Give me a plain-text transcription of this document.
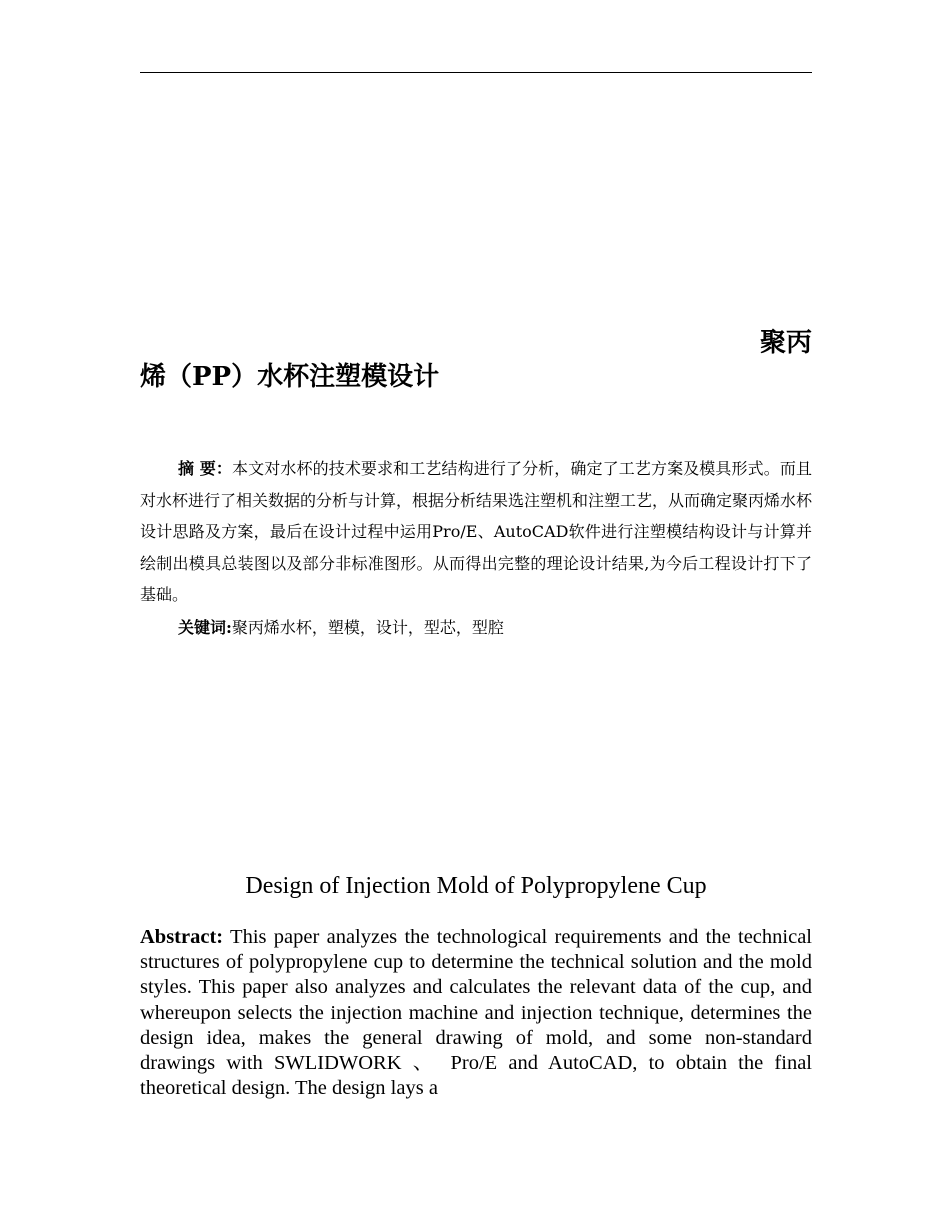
聚丙
烯（PP）水杯注塑模设计

摘 要：本文对水杯的技术要求和工艺结构进行了分析，确定了工艺方案及模具形式。而且对水杯进行了相关数据的分析与计算，根据分析结果选注塑机和注塑工艺，从而确定聚丙烯水杯设计思路及方案，最后在设计过程中运用Pro/E、AutoCAD软件进行注塑模结构设计与计算并绘制出模具总装图以及部分非标准图形。从而得出完整的理论设计结果,为今后工程设计打下了基础。

关键词:聚丙烯水杯，塑模，设计，型芯，型腔

Design of Injection Mold of Polypropylene Cup

Abstract: This paper analyzes the technological requirements and the technical structures of polypropylene cup to determine the technical solution and the mold styles. This paper also analyzes and calculates the relevant data of the cup, and whereupon selects the injection machine and injection technique, determines the design idea, makes the general drawing of mold, and some non-standard drawings with SWLIDWORK 、 Pro/E and AutoCAD, to obtain the final theoretical design. The design lays a
